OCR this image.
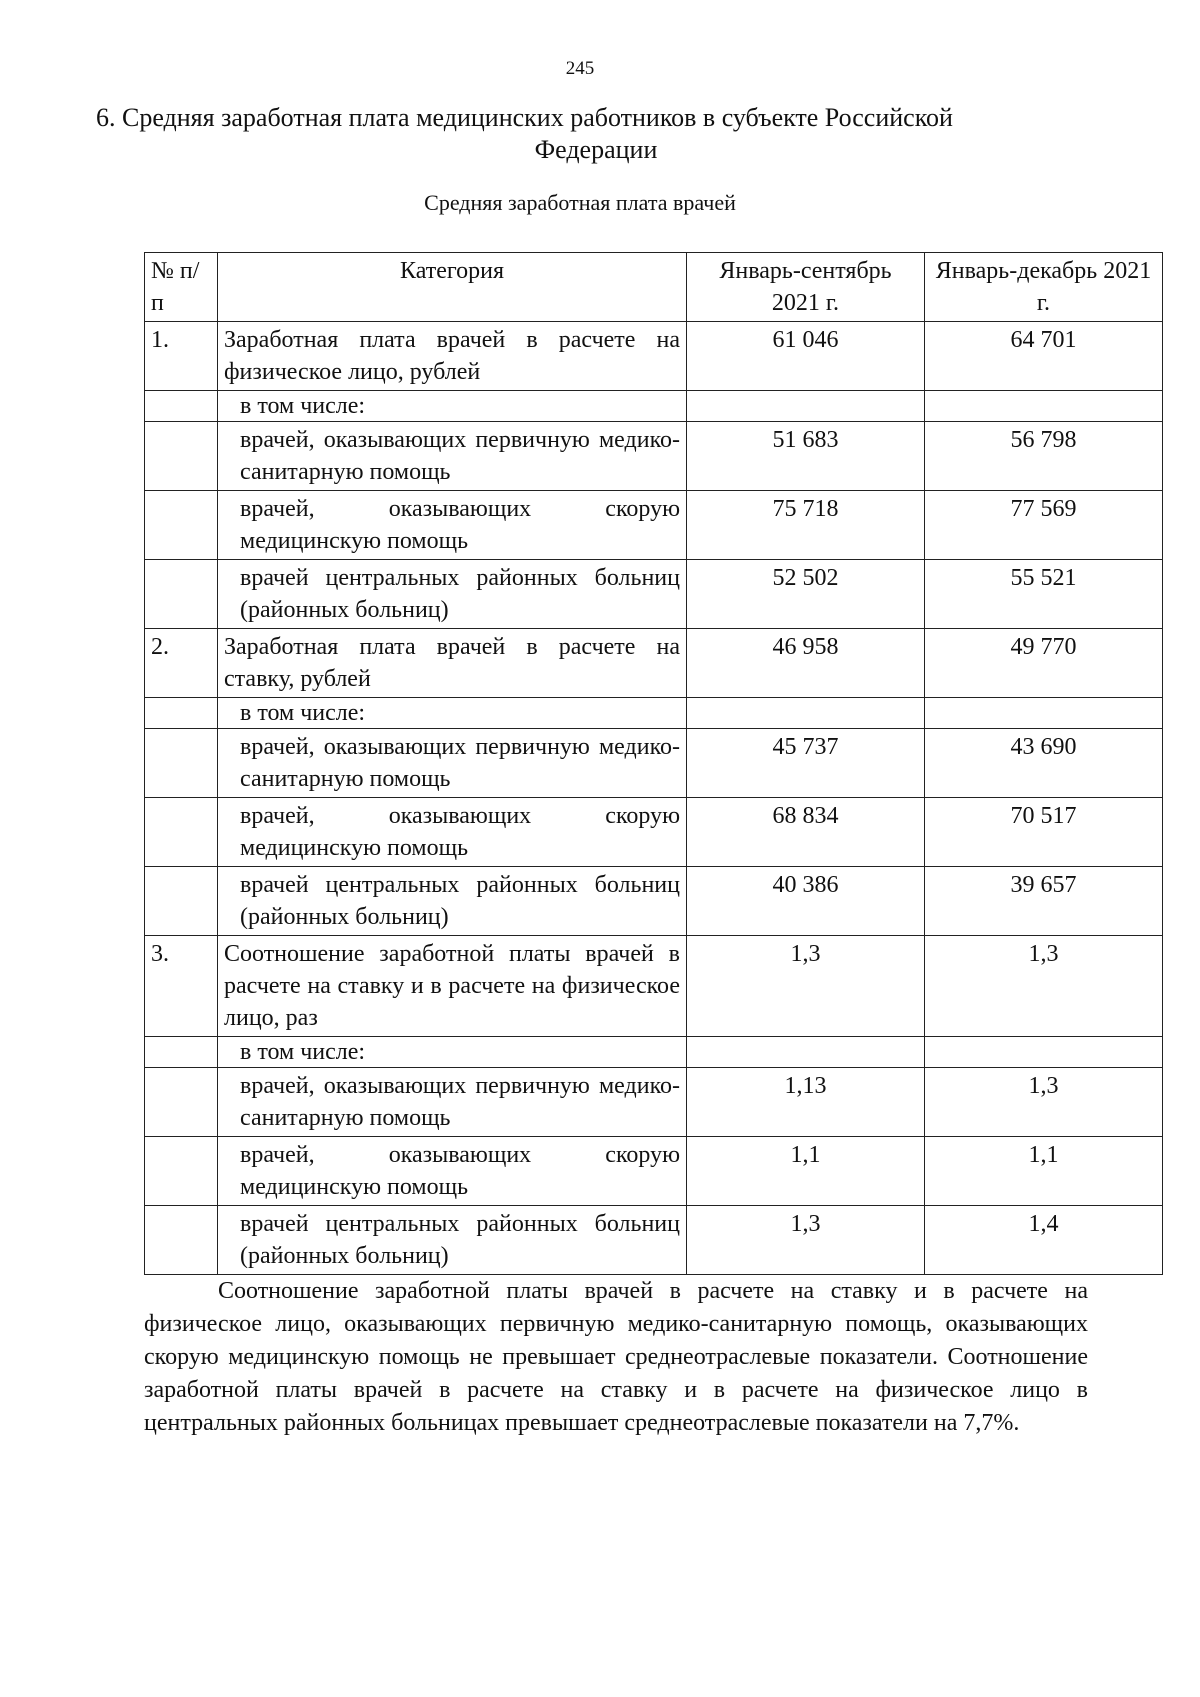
245
6. Средняя заработная плата медицинских работников в субъекте Российской
Федерации
Средняя заработная плата врачей
№ п/п	Категория	Январь-сентябрь 2021 г.	Январь-декабрь 2021 г.
1.	Заработная плата врачей в расчете на физическое лицо, рублей	61 046	64 701
	в том числе:		
	врачей, оказывающих первичную медико-санитарную помощь	51 683	56 798
	врачей, оказывающих скорую медицинскую помощь	75 718	77 569
	врачей центральных районных больниц (районных больниц)	52 502	55 521
2.	Заработная плата врачей в расчете на ставку, рублей	46 958	49 770
	в том числе:		
	врачей, оказывающих первичную медико-санитарную помощь	45 737	43 690
	врачей, оказывающих скорую медицинскую помощь	68 834	70 517
	врачей центральных районных больниц (районных больниц)	40 386	39 657
3.	Соотношение заработной платы врачей в расчете на ставку и в расчете на физическое лицо, раз	1,3	1,3
	в том числе:		
	врачей, оказывающих первичную медико-санитарную помощь	1,13	1,3
	врачей, оказывающих скорую медицинскую помощь	1,1	1,1
	врачей центральных районных больниц (районных больниц)	1,3	1,4
Соотношение заработной платы врачей в расчете на ставку и в расчете на физическое лицо, оказывающих первичную медико-санитарную помощь, оказывающих скорую медицинскую помощь не превышает среднеотраслевые показатели. Соотношение заработной платы врачей в расчете на ставку и в расчете на физическое лицо в центральных районных больницах превышает среднеотраслевые показатели на 7,7%.
